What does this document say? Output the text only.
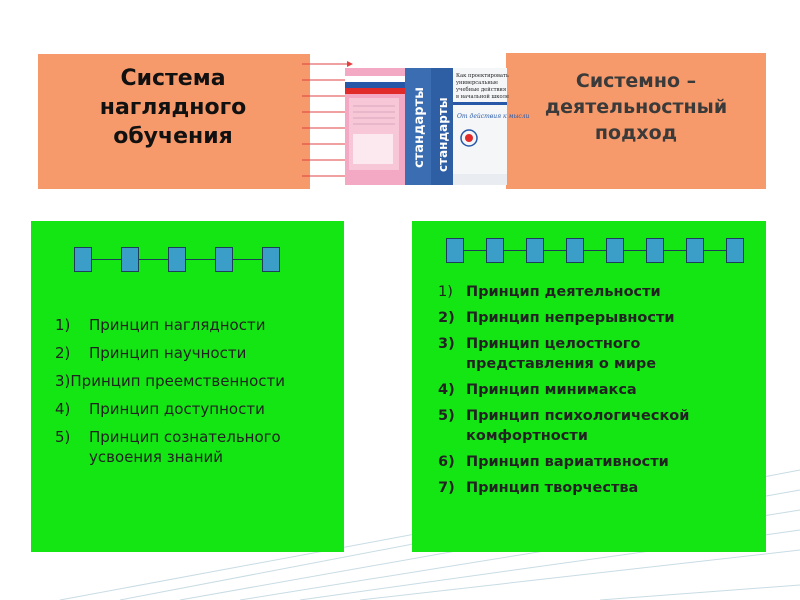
Система
наглядного
обучения
Системно –
деятельностный
подход
стандарты стандарты
Как проектировать
универсальные
учебные действия
в начальной школе
От действия к мысли
1) Принцип наглядности
2) Принцип научности
3)Принцип преемственности
4) Принцип доступности
5) Принцип сознательного
усвоения знаний
1) Принцип деятельности
2) Принцип непрерывности
3) Принцип целостного
представления о мире
4) Принцип минимакса
5) Принцип психологической
комфортности
6) Принцип вариативности
7) Принцип творчества
